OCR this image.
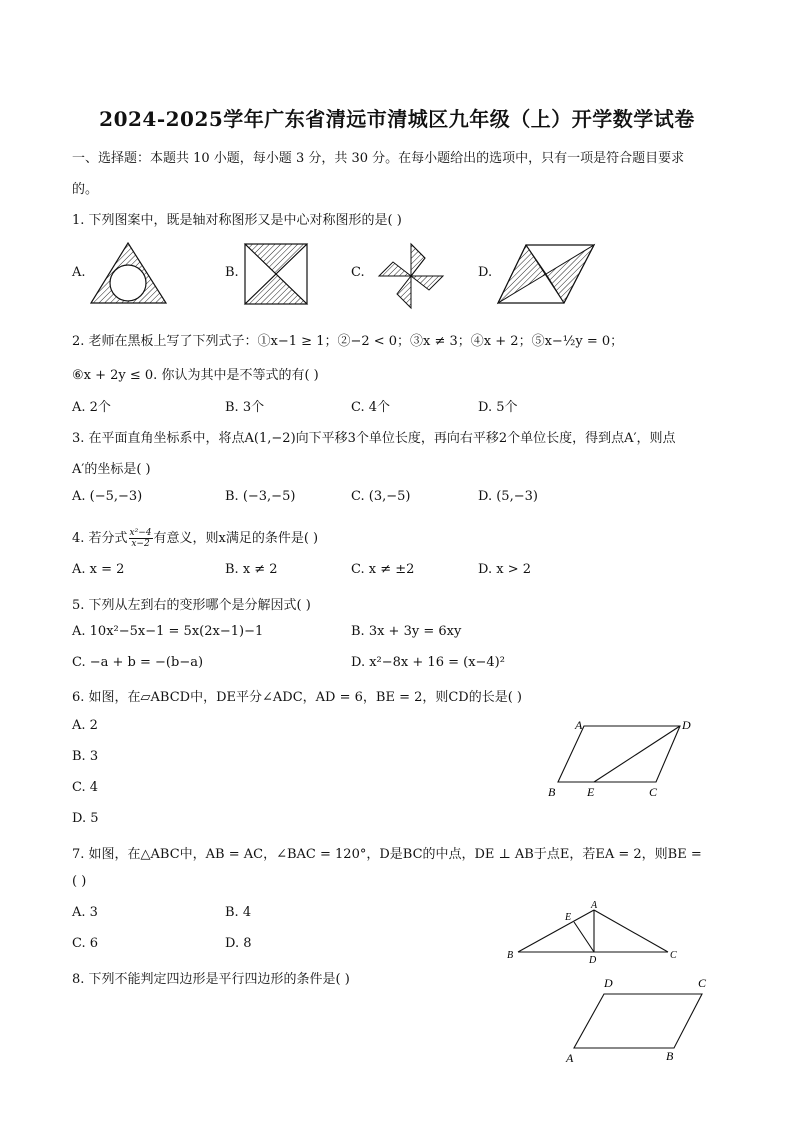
2024-2025学年广东省清远市清城区九年级（上）开学数学试卷
一、选择题：本题共 10 小题，每小题 3 分，共 30 分。在每小题给出的选项中，只有一项是符合题目要求
的。
1. 下列图案中，既是轴对称图形又是中心对称图形的是( )
A.	B.	C.	D.
2. 老师在黑板上写了下列式子：①x−1 ≥ 1；②−2 < 0；③x ≠ 3；④x + 2；⑤x−½y = 0；
⑥x + 2y ≤ 0. 你认为其中是不等式的有( )
A. 2个	B. 3个	C. 4个	D. 5个
3. 在平面直角坐标系中，将点A(1,−2)向下平移3个单位长度，再向右平移2个单位长度，得到点A′，则点
A′的坐标是( )
A. (−5,−3)	B. (−3,−5)	C. (3,−5)	D. (5,−3)
4. 若分式 $\frac{\text{x²−4}}{x-2}$ 有意义，则x满足的条件是( )
A. x = 2	B. x ≠ 2	C. x ≠ ±2	D. x > 2
5. 下列从左到右的变形哪个是分解因式( )
A. 10x²−5x−1 = 5x(2x−1)−1	B. 3x + 3y = 6xy
C. −a + b = −(b−a)	D. x²−8x + 16 = (x−4)²
6. 如图，在▱ABCD中，DE平分∠ADC，AD = 6，BE = 2，则CD的长是( )
A. 2
B. 3
C. 4
D. 5
A	D
B	E	C
7. 如图，在△ABC中，AB = AC，∠BAC = 120°，D是BC的中点，DE ⊥ AB于点E，若EA = 2，则BE =
( )
A. 3	B. 4
C. 6	D. 8
E
A
B	D	C
8. 下列不能判定四边形是平行四边形的条件是( )	D	C
A	B
